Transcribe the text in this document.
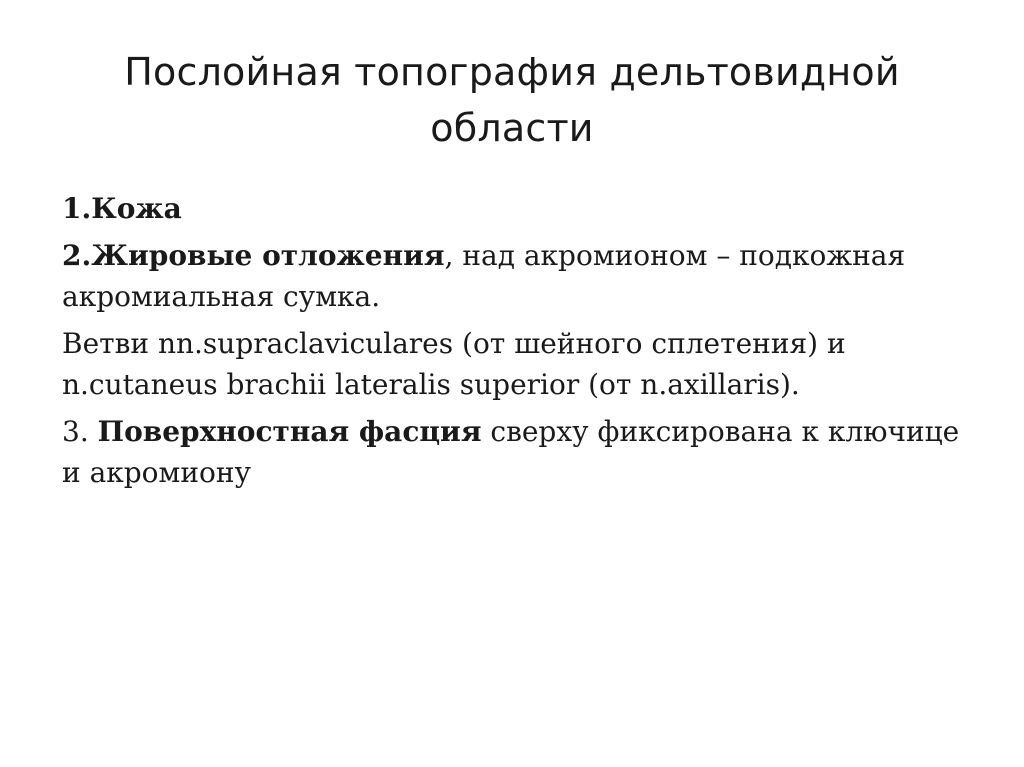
Послойная топография дельтовидной области

1.Кожа

2.Жировые отложения, над акромионом – подкожная акромиальная сумка.

Ветви nn.supraclaviculares (от шейного сплетения) и n.cutaneus brachii lateralis superior (от n.axillaris).

3. Поверхностная фасция сверху фиксирована к ключице и акромиону
